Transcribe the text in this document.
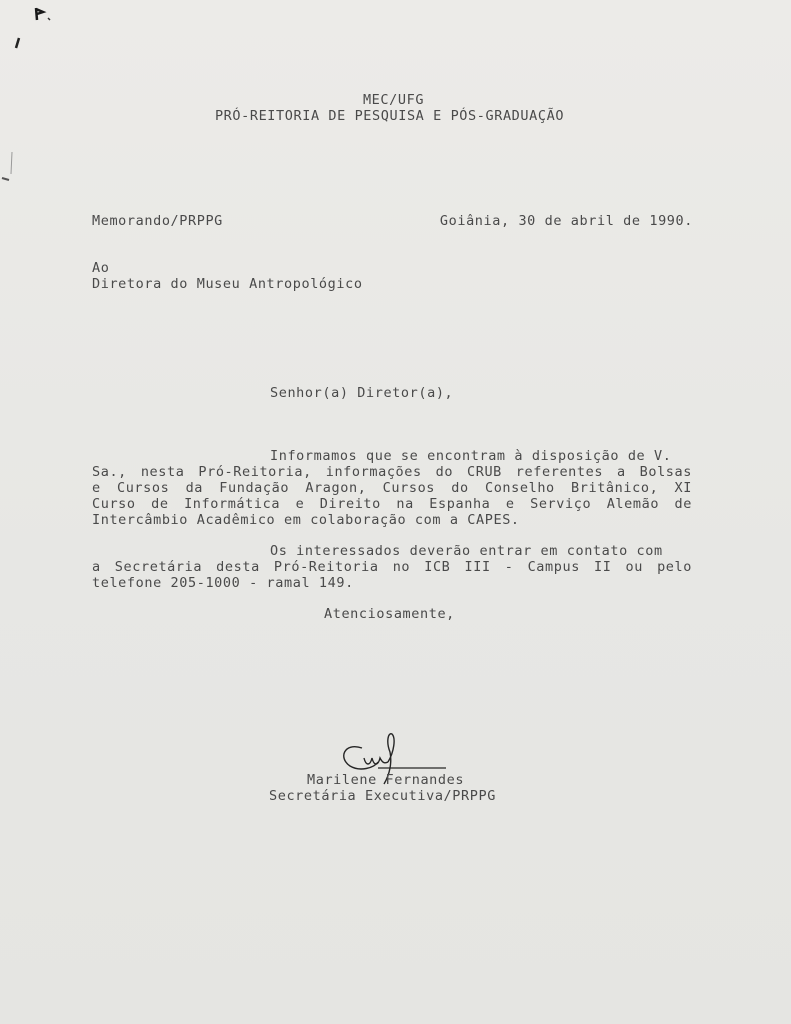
MEC/UFG
PRÓ-REITORIA DE PESQUISA E PÓS-GRADUAÇÃO
Memorando/PRPPG	Goiânia, 30 de abril de 1990.
Ao
Diretora do Museu Antropológico
Senhor(a) Diretor(a),
Informamos que se encontram à disposição de V.
Sa., nesta Pró-Reitoria, informações do CRUB referentes a Bolsas
e Cursos da Fundação Aragon, Cursos do Conselho Britânico, XI
Curso de Informática e Direito na Espanha e Serviço Alemão de
Intercâmbio Acadêmico em colaboração com a CAPES.
Os interessados deverão entrar em contato com
a Secretária desta Pró-Reitoria no ICB III - Campus II ou pelo
telefone 205-1000 - ramal 149.
Atenciosamente,
Marilene Fernandes
Secretária Executiva/PRPPG
